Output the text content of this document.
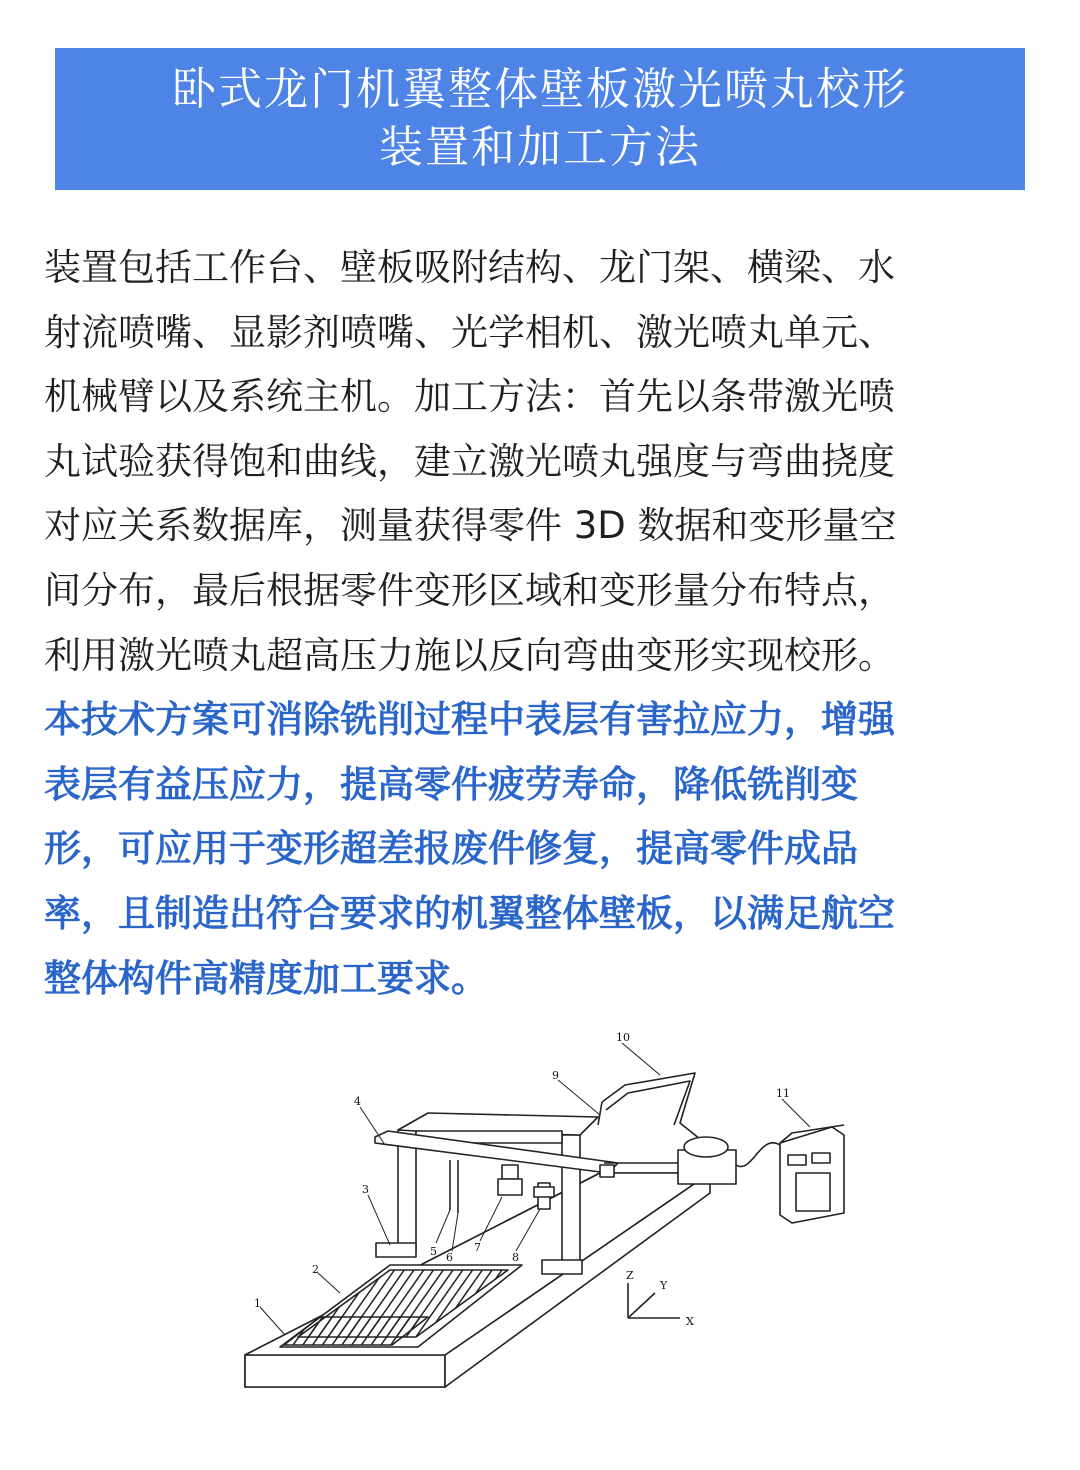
卧式龙门机翼整体壁板激光喷丸校形
装置和加工方法
装置包括工作台、壁板吸附结构、龙门架、横梁、水
射流喷嘴、显影剂喷嘴、光学相机、激光喷丸单元、
机械臂以及系统主机。加工方法：首先以条带激光喷
丸试验获得饱和曲线，建立激光喷丸强度与弯曲挠度
对应关系数据库，测量获得零件 3D 数据和变形量空
间分布，最后根据零件变形区域和变形量分布特点，
利用激光喷丸超高压力施以反向弯曲变形实现校形。
本技术方案可消除铣削过程中表层有害拉应力，增强
表层有益压应力，提高零件疲劳寿命，降低铣削变
形，可应用于变形超差报废件修复，提高零件成品
率，且制造出符合要求的机翼整体壁板，以满足航空
整体构件高精度加工要求。
1
2
3
4
5 6
7
8
9
10
11
Z
Y
X
